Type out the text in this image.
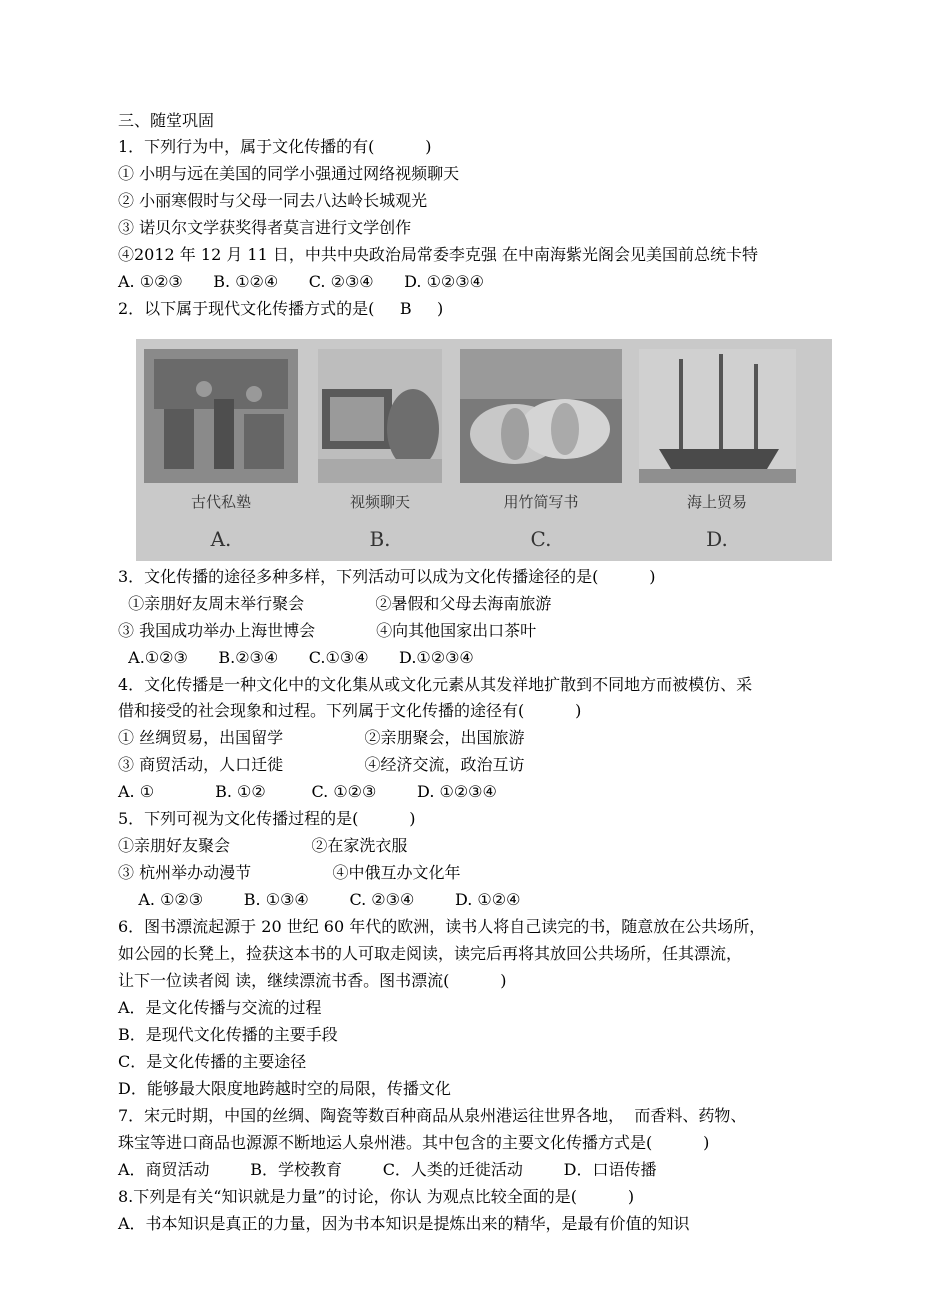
三、随堂巩固
1．下列行为中，属于文化传播的有(          )
① 小明与远在美国的同学小强通过网络视频聊天
② 小丽寒假时与父母一同去八达岭长城观光
③ 诺贝尔文学获奖得者莫言进行文学创作
④2012 年 12 月 11 日，中共中央政治局常委李克强 在中南海紫光阁会见美国前总统卡特
A. ①②③      B. ①②④      C. ②③④      D. ①②③④
2．以下属于现代文化传播方式的是(     B     )
古代私塾	视频聊天	用竹简写书	海上贸易
A.	B.	C.	D.
3．文化传播的途径多种多样，下列活动可以成为文化传播途径的是(          )
①亲朋好友周末举行聚会              ②暑假和父母去海南旅游
③ 我国成功举办上海世博会            ④向其他国家出口茶叶
A.①②③      B.②③④      C.①③④      D.①②③④
4．文化传播是一种文化中的文化集从或文化元素从其发祥地扩散到不同地方而被模仿、采
借和接受的社会现象和过程。下列属于文化传播的途径有(          )
① 丝绸贸易，出国留学                ②亲朋聚会，出国旅游
③ 商贸活动，人口迁徙                ④经济交流，政治互访
A. ①            B. ①②         C. ①②③        D. ①②③④
5．下列可视为文化传播过程的是(          )
①亲朋好友聚会                ②在家洗衣服
③ 杭州举办动漫节                ④中俄互办文化年
A. ①②③        B. ①③④        C. ②③④        D. ①②④
6．图书漂流起源于 20 世纪 60 年代的欧洲，读书人将自己读完的书，随意放在公共场所，
如公园的长凳上，捡获这本书的人可取走阅读，读完后再将其放回公共场所，任其漂流，
让下一位读者阅 读，继续漂流书香。图书漂流(          )
A．是文化传播与交流的过程
B．是现代文化传播的主要手段
C．是文化传播的主要途径
D．能够最大限度地跨越时空的局限，传播文化
7．宋元时期，中国的丝绸、陶瓷等数百种商品从泉州港运往世界各地，  而香料、药物、
珠宝等进口商品也源源不断地运人泉州港。其中包含的主要文化传播方式是(          )
A．商贸活动        B．学校教育        C．人类的迁徙活动        D．口语传播
8.下列是有关“知识就是力量”的讨论，你认 为观点比较全面的是(          )
A．书本知识是真正的力量，因为书本知识是提炼出来的精华，是最有价值的知识
